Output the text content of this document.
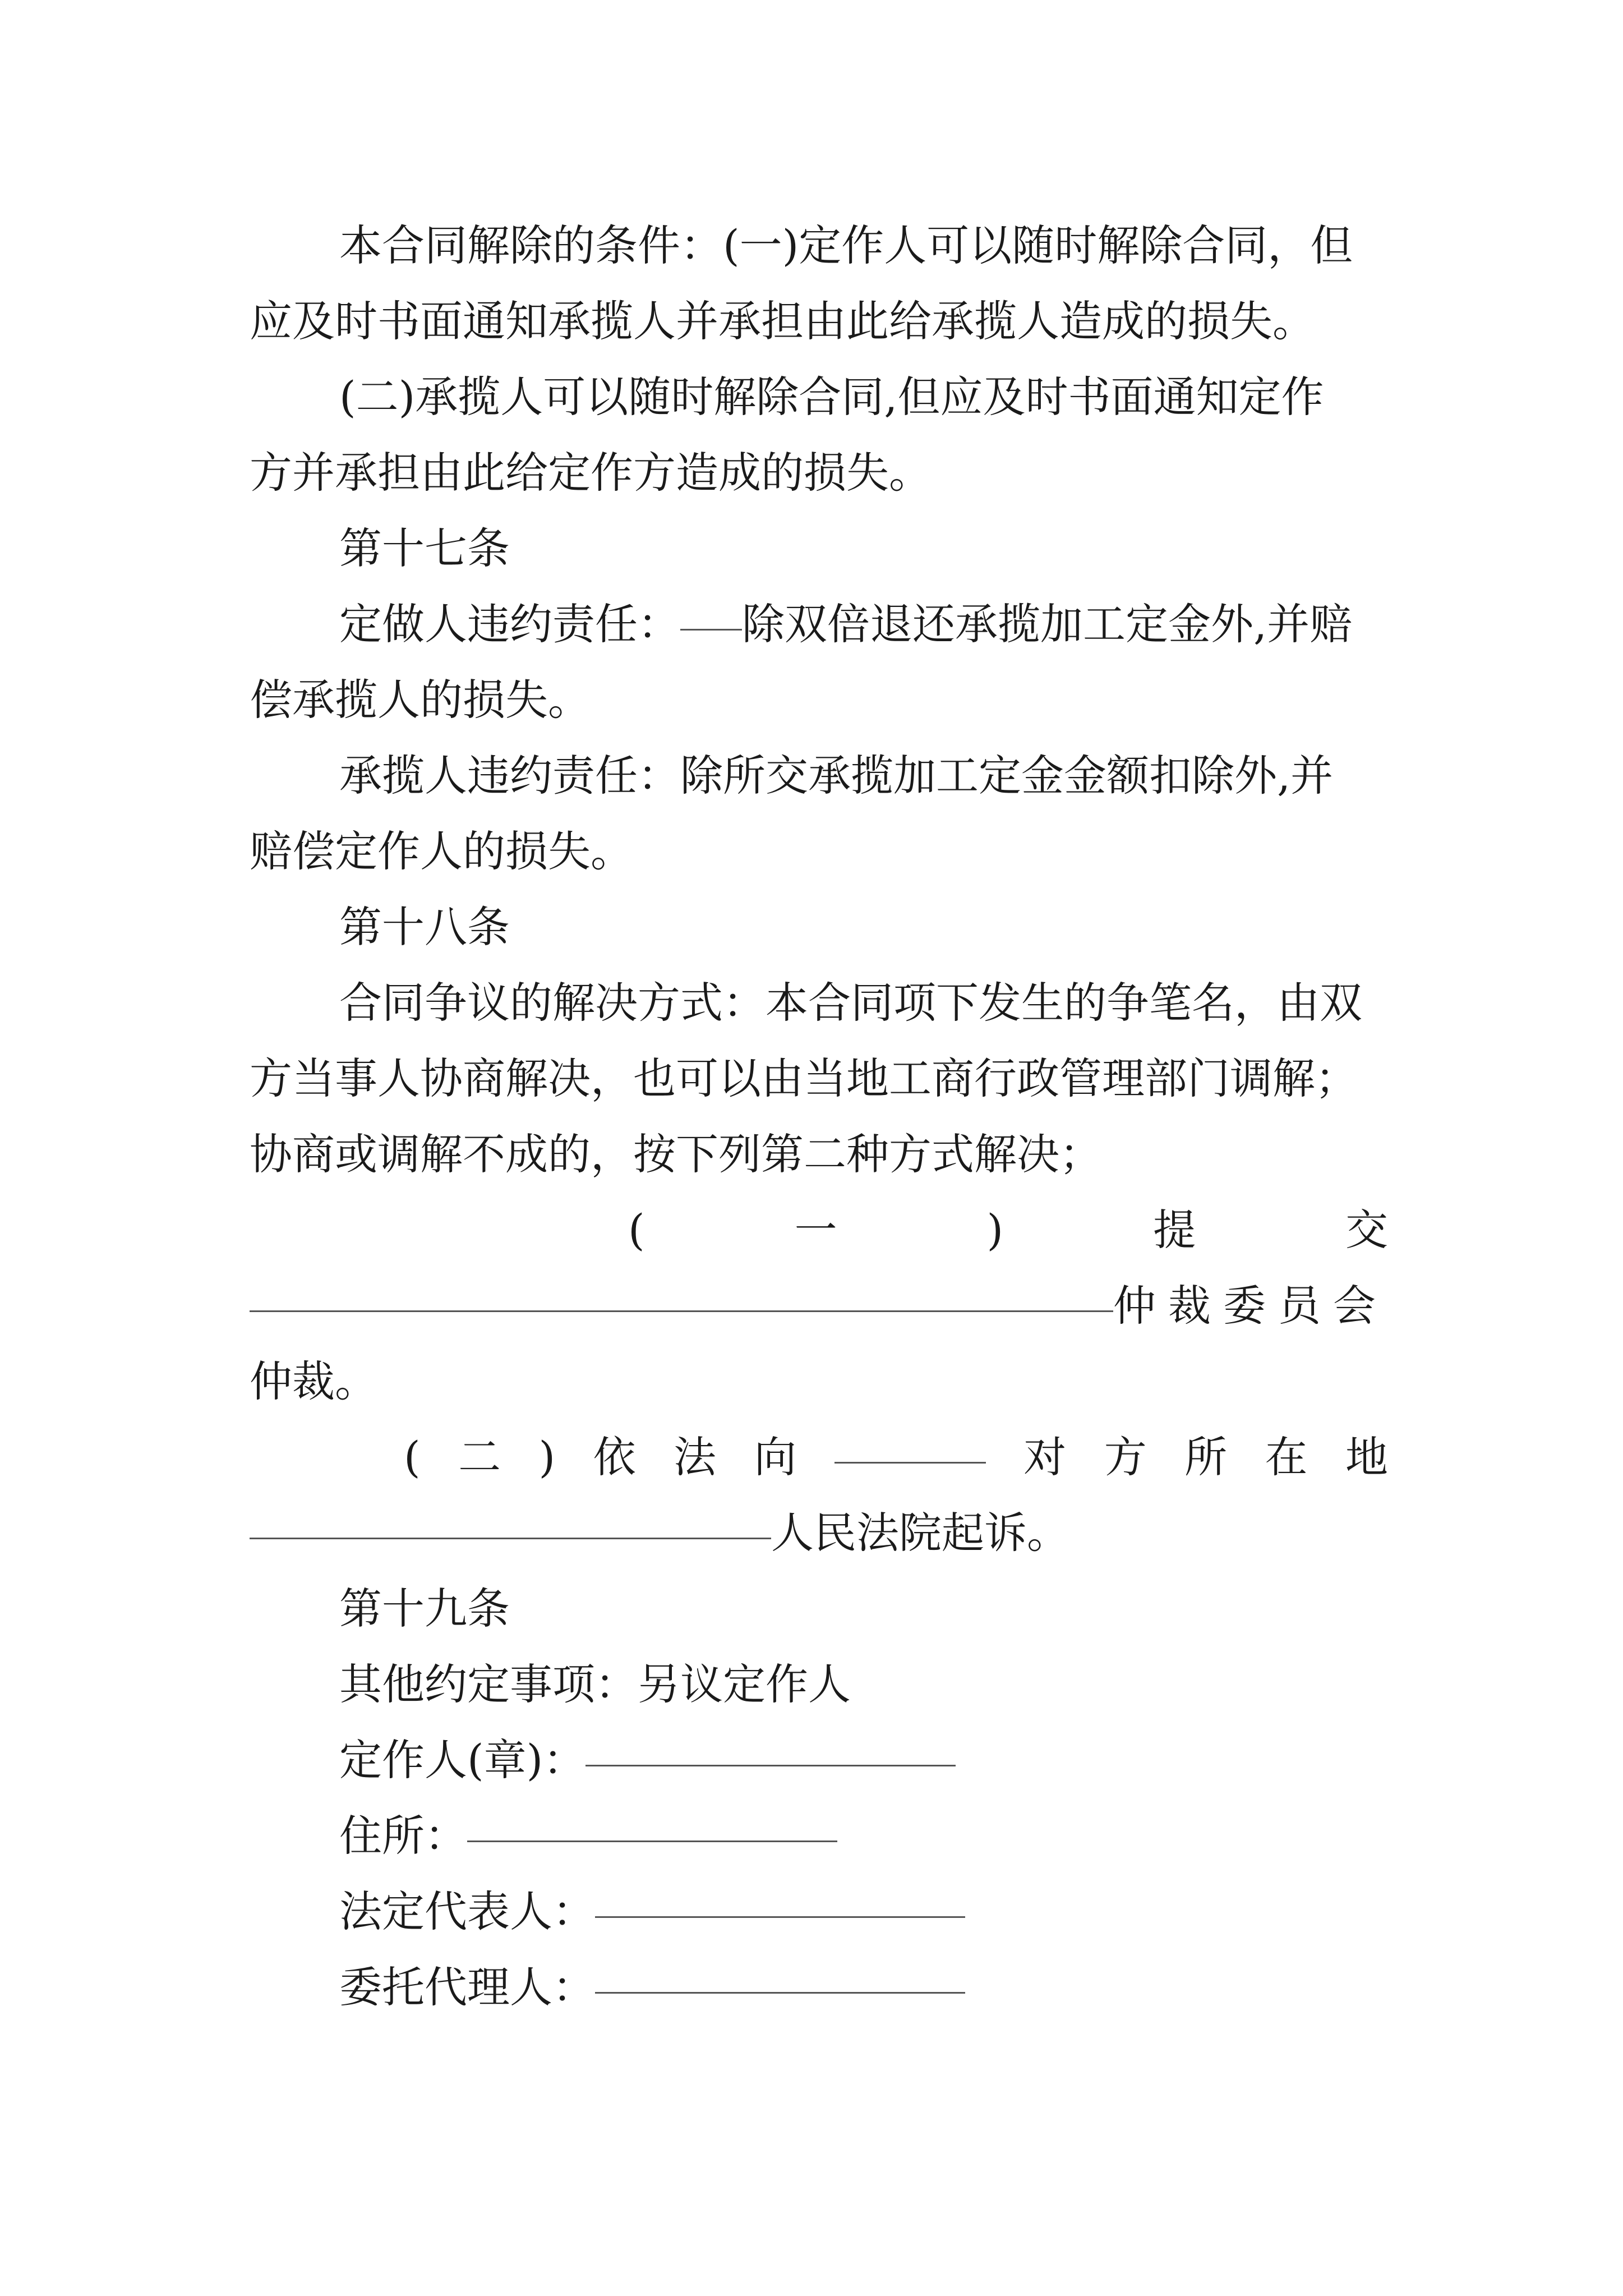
本合同解除的条件：(一)定作人可以随时解除合同，但
应及时书面通知承揽人并承担由此给承揽人造成的损失。
(二)承揽人可以随时解除合同,但应及时书面通知定作
方并承担由此给定作方造成的损失。
第十七条
定做人违约责任： 除双倍退还承揽加工定金外,并赔
偿承揽人的损失。
承揽人违约责任：除所交承揽加工定金金额扣除外,并
赔偿定作人的损失。
第十八条
合同争议的解决方式：本合同项下发生的争笔名，由双
方当事人协商解决，也可以由当地工商行政管理部门调解；
协商或调解不成的，按下列第二种方式解决；
(	一	)	提	交
仲裁委员会
仲裁。
( 二 ) 依 法 向	对 方 所 在 地
人民法院起诉。
第十九条
其他约定事项：另议定作人
定作人(章)：
住所：
法定代表人：
委托代理人：
